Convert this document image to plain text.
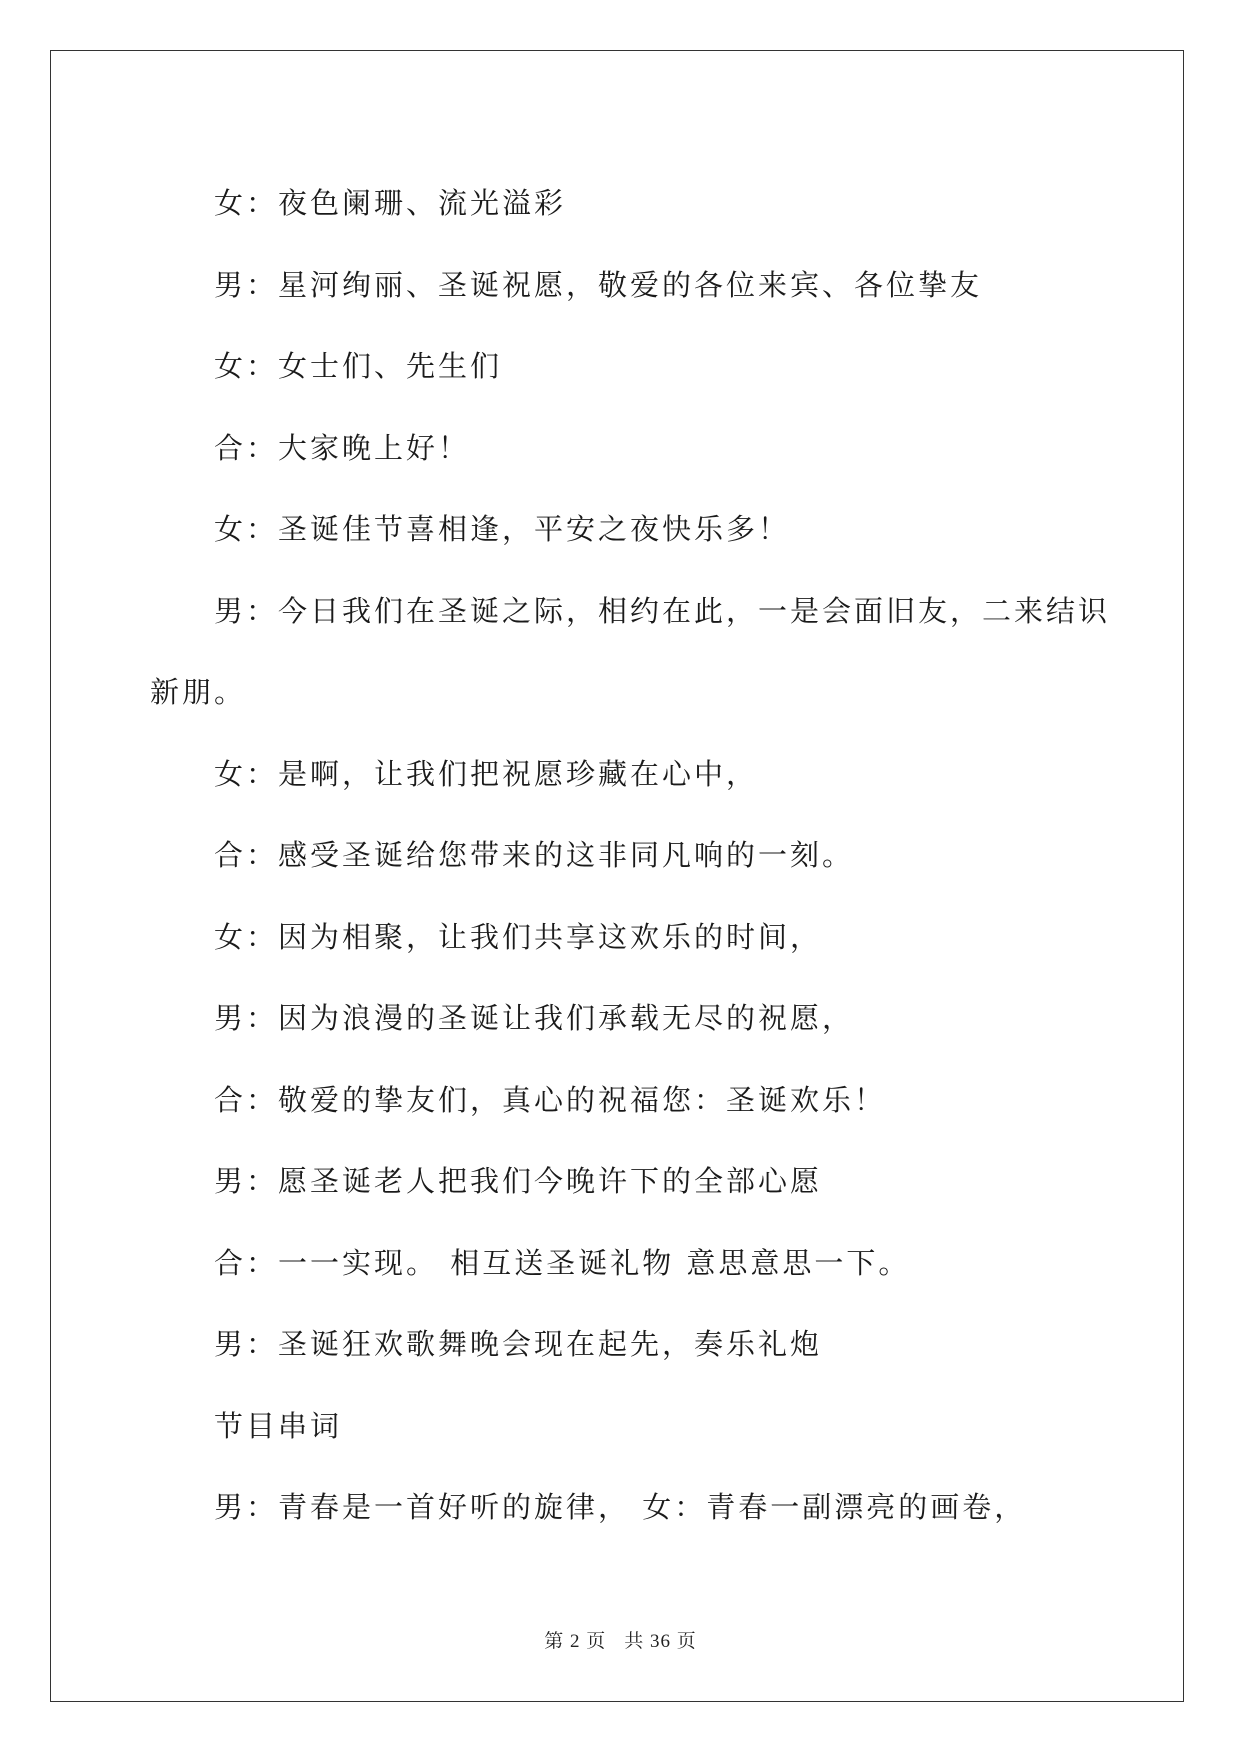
女：夜色阑珊、流光溢彩

男：星河绚丽、圣诞祝愿，敬爱的各位来宾、各位挚友

女：女士们、先生们

合：大家晚上好！

女：圣诞佳节喜相逢，平安之夜快乐多！

男：今日我们在圣诞之际，相约在此，一是会面旧友，二来结识

新朋。

女：是啊，让我们把祝愿珍藏在心中，

合：感受圣诞给您带来的这非同凡响的一刻。

女：因为相聚，让我们共享这欢乐的时间，

男：因为浪漫的圣诞让我们承载无尽的祝愿，

合：敬爱的挚友们，真心的祝福您：圣诞欢乐！

男：愿圣诞老人把我们今晚许下的全部心愿

合：一一实现。 相互送圣诞礼物 意思意思一下。

男：圣诞狂欢歌舞晚会现在起先，奏乐礼炮

节目串词

男：青春是一首好听的旋律， 女：青春一副漂亮的画卷，

第 2 页 共 36 页
